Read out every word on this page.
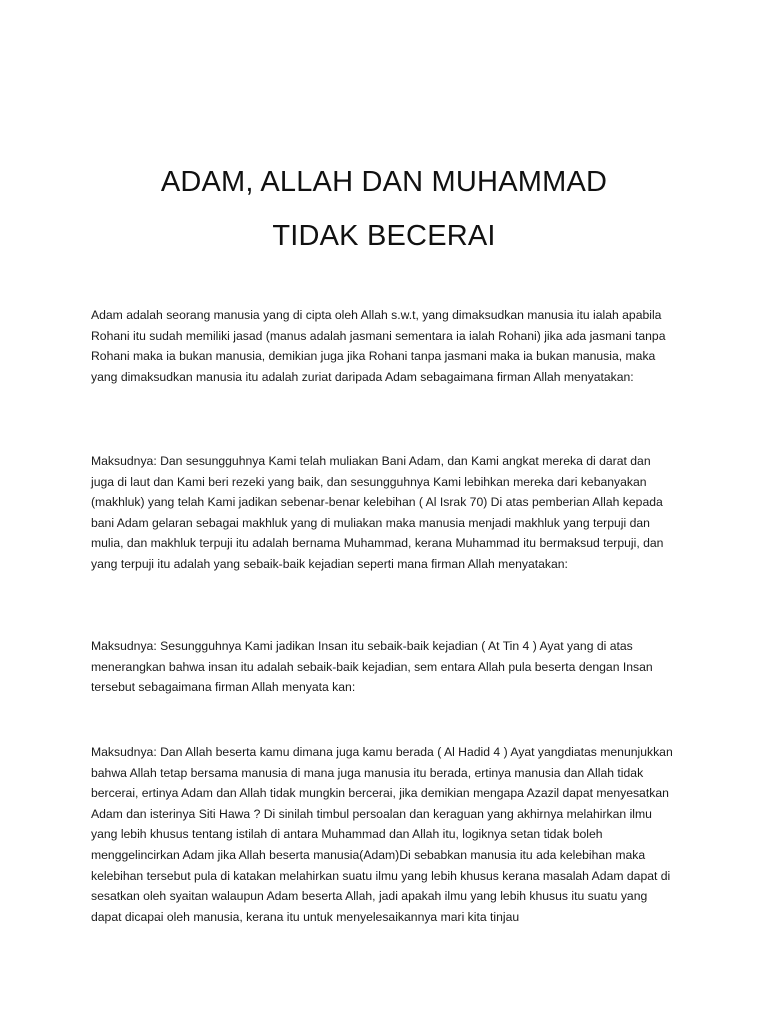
ADAM, ALLAH DAN MUHAMMAD
TIDAK BECERAI
Adam adalah seorang manusia yang di cipta oleh Allah s.w.t, yang dimaksudkan manusia itu ialah apabila Rohani itu sudah memiliki jasad (manus adalah jasmani sementara ia ialah Rohani) jika ada jasmani tanpa Rohani maka ia bukan manusia, demikian juga jika Rohani tanpa jasmani maka ia bukan manusia, maka yang dimaksudkan manusia itu adalah zuriat daripada Adam sebagaimana firman Allah menyatakan:
Maksudnya: Dan sesungguhnya Kami telah muliakan Bani Adam, dan Kami angkat mereka di darat dan juga di laut dan Kami beri rezeki yang baik, dan sesungguhnya Kami lebihkan mereka dari kebanyakan (makhluk) yang telah Kami jadikan sebenar-benar kelebihan ( Al Israk 70) Di atas pemberian Allah kepada bani Adam gelaran sebagai makhluk yang di muliakan maka manusia menjadi makhluk yang terpuji dan mulia, dan makhluk terpuji itu adalah bernama Muhammad, kerana Muhammad itu bermaksud terpuji, dan yang terpuji itu adalah yang sebaik-baik kejadian seperti mana firman Allah menyatakan:
Maksudnya: Sesungguhnya Kami jadikan Insan itu sebaik-baik kejadian ( At Tin 4 ) Ayat yang di atas menerangkan bahwa insan itu adalah sebaik-baik kejadian, sem entara Allah pula beserta dengan Insan tersebut sebagaimana firman Allah menyata kan:
Maksudnya: Dan Allah beserta kamu dimana juga kamu berada ( Al Hadid 4 ) Ayat yangdiatas menunjukkan bahwa Allah tetap bersama manusia di mana juga manusia itu berada, ertinya manusia dan Allah tidak bercerai, ertinya Adam dan Allah tidak mungkin bercerai, jika demikian mengapa Azazil dapat menyesatkan Adam dan isterinya Siti Hawa ? Di sinilah timbul persoalan dan keraguan yang akhirnya melahirkan ilmu yang lebih khusus tentang istilah di antara Muhammad dan Allah itu, logiknya setan tidak boleh menggelincirkan Adam jika Allah beserta manusia(Adam)Di sebabkan manusia itu ada kelebihan maka kelebihan tersebut pula di katakan melahirkan suatu ilmu yang lebih khusus kerana masalah Adam dapat di sesatkan oleh syaitan walaupun Adam beserta Allah, jadi apakah ilmu yang lebih khusus itu suatu yang dapat dicapai oleh manusia, kerana itu untuk menyelesaikannya mari kita tinjau
